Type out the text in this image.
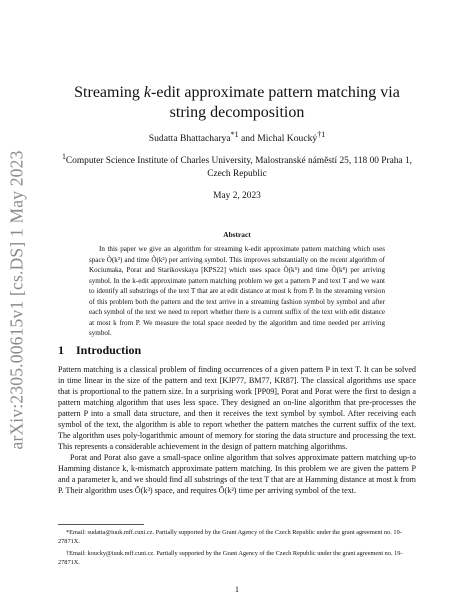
arXiv:2305.00615v1 [cs.DS] 1 May 2023
Streaming k-edit approximate pattern matching via string decomposition
Sudatta Bhattacharya$^{*1}$ and Michal Koucký$^{\dagger 1}$
$^1$Computer Science Institute of Charles University, Malostranské náměstí 25, 118 00 Praha 1, Czech Republic
May 2, 2023
Abstract

In this paper we give an algorithm for streaming k-edit approximate pattern matching which uses space Õ(k²) and time Õ(k²) per arriving symbol. This improves substantially on the recent algorithm of Kociumaka, Porat and Starikovskaya [KPS22] which uses space Õ(k⁵) and time Õ(k⁸) per arriving symbol. In the k-edit approximate pattern matching problem we get a pattern P and text T and we want to identify all substrings of the text T that are at edit distance at most k from P. In the streaming version of this problem both the pattern and the text arrive in a streaming fashion symbol by symbol and after each symbol of the text we need to report whether there is a current suffix of the text with edit distance at most k from P. We measure the total space needed by the algorithm and time needed per arriving symbol.

1 Introduction

Pattern matching is a classical problem of finding occurrences of a given pattern P in text T. It can be solved in time linear in the size of the pattern and text [KJP77, BM77, KR87]. The classical algorithms use space that is proportional to the pattern size. In a surprising work [PP09], Porat and Porat were the first to design a pattern matching algorithm that uses less space. They designed an on-line algorithm that pre-processes the pattern P into a small data structure, and then it receives the text symbol by symbol. After receiving each symbol of the text, the algorithm is able to report whether the pattern matches the current suffix of the text. The algorithm uses poly-logarithmic amount of memory for storing the data structure and processing the text. This represents a considerable achievement in the design of pattern matching algorithms.

Porat and Porat also gave a small-space online algorithm that solves approximate pattern matching up-to Hamming distance k, k-mismatch approximate pattern matching. In this problem we are given the pattern P and a parameter k, and we should find all substrings of the text T that are at Hamming distance at most k from P. Their algorithm uses Õ(k³) space, and requires Õ(k²) time per arriving symbol of the text.

*Email: sudatta@iuuk.mff.cuni.cz. Partially supported by the Grant Agency of the Czech Republic under the grant agreement no. 19-27871X.

†Email: koucky@iuuk.mff.cuni.cz. Partially supported by the Grant Agency of the Czech Republic under the grant agreement no. 19-27871X.

1
